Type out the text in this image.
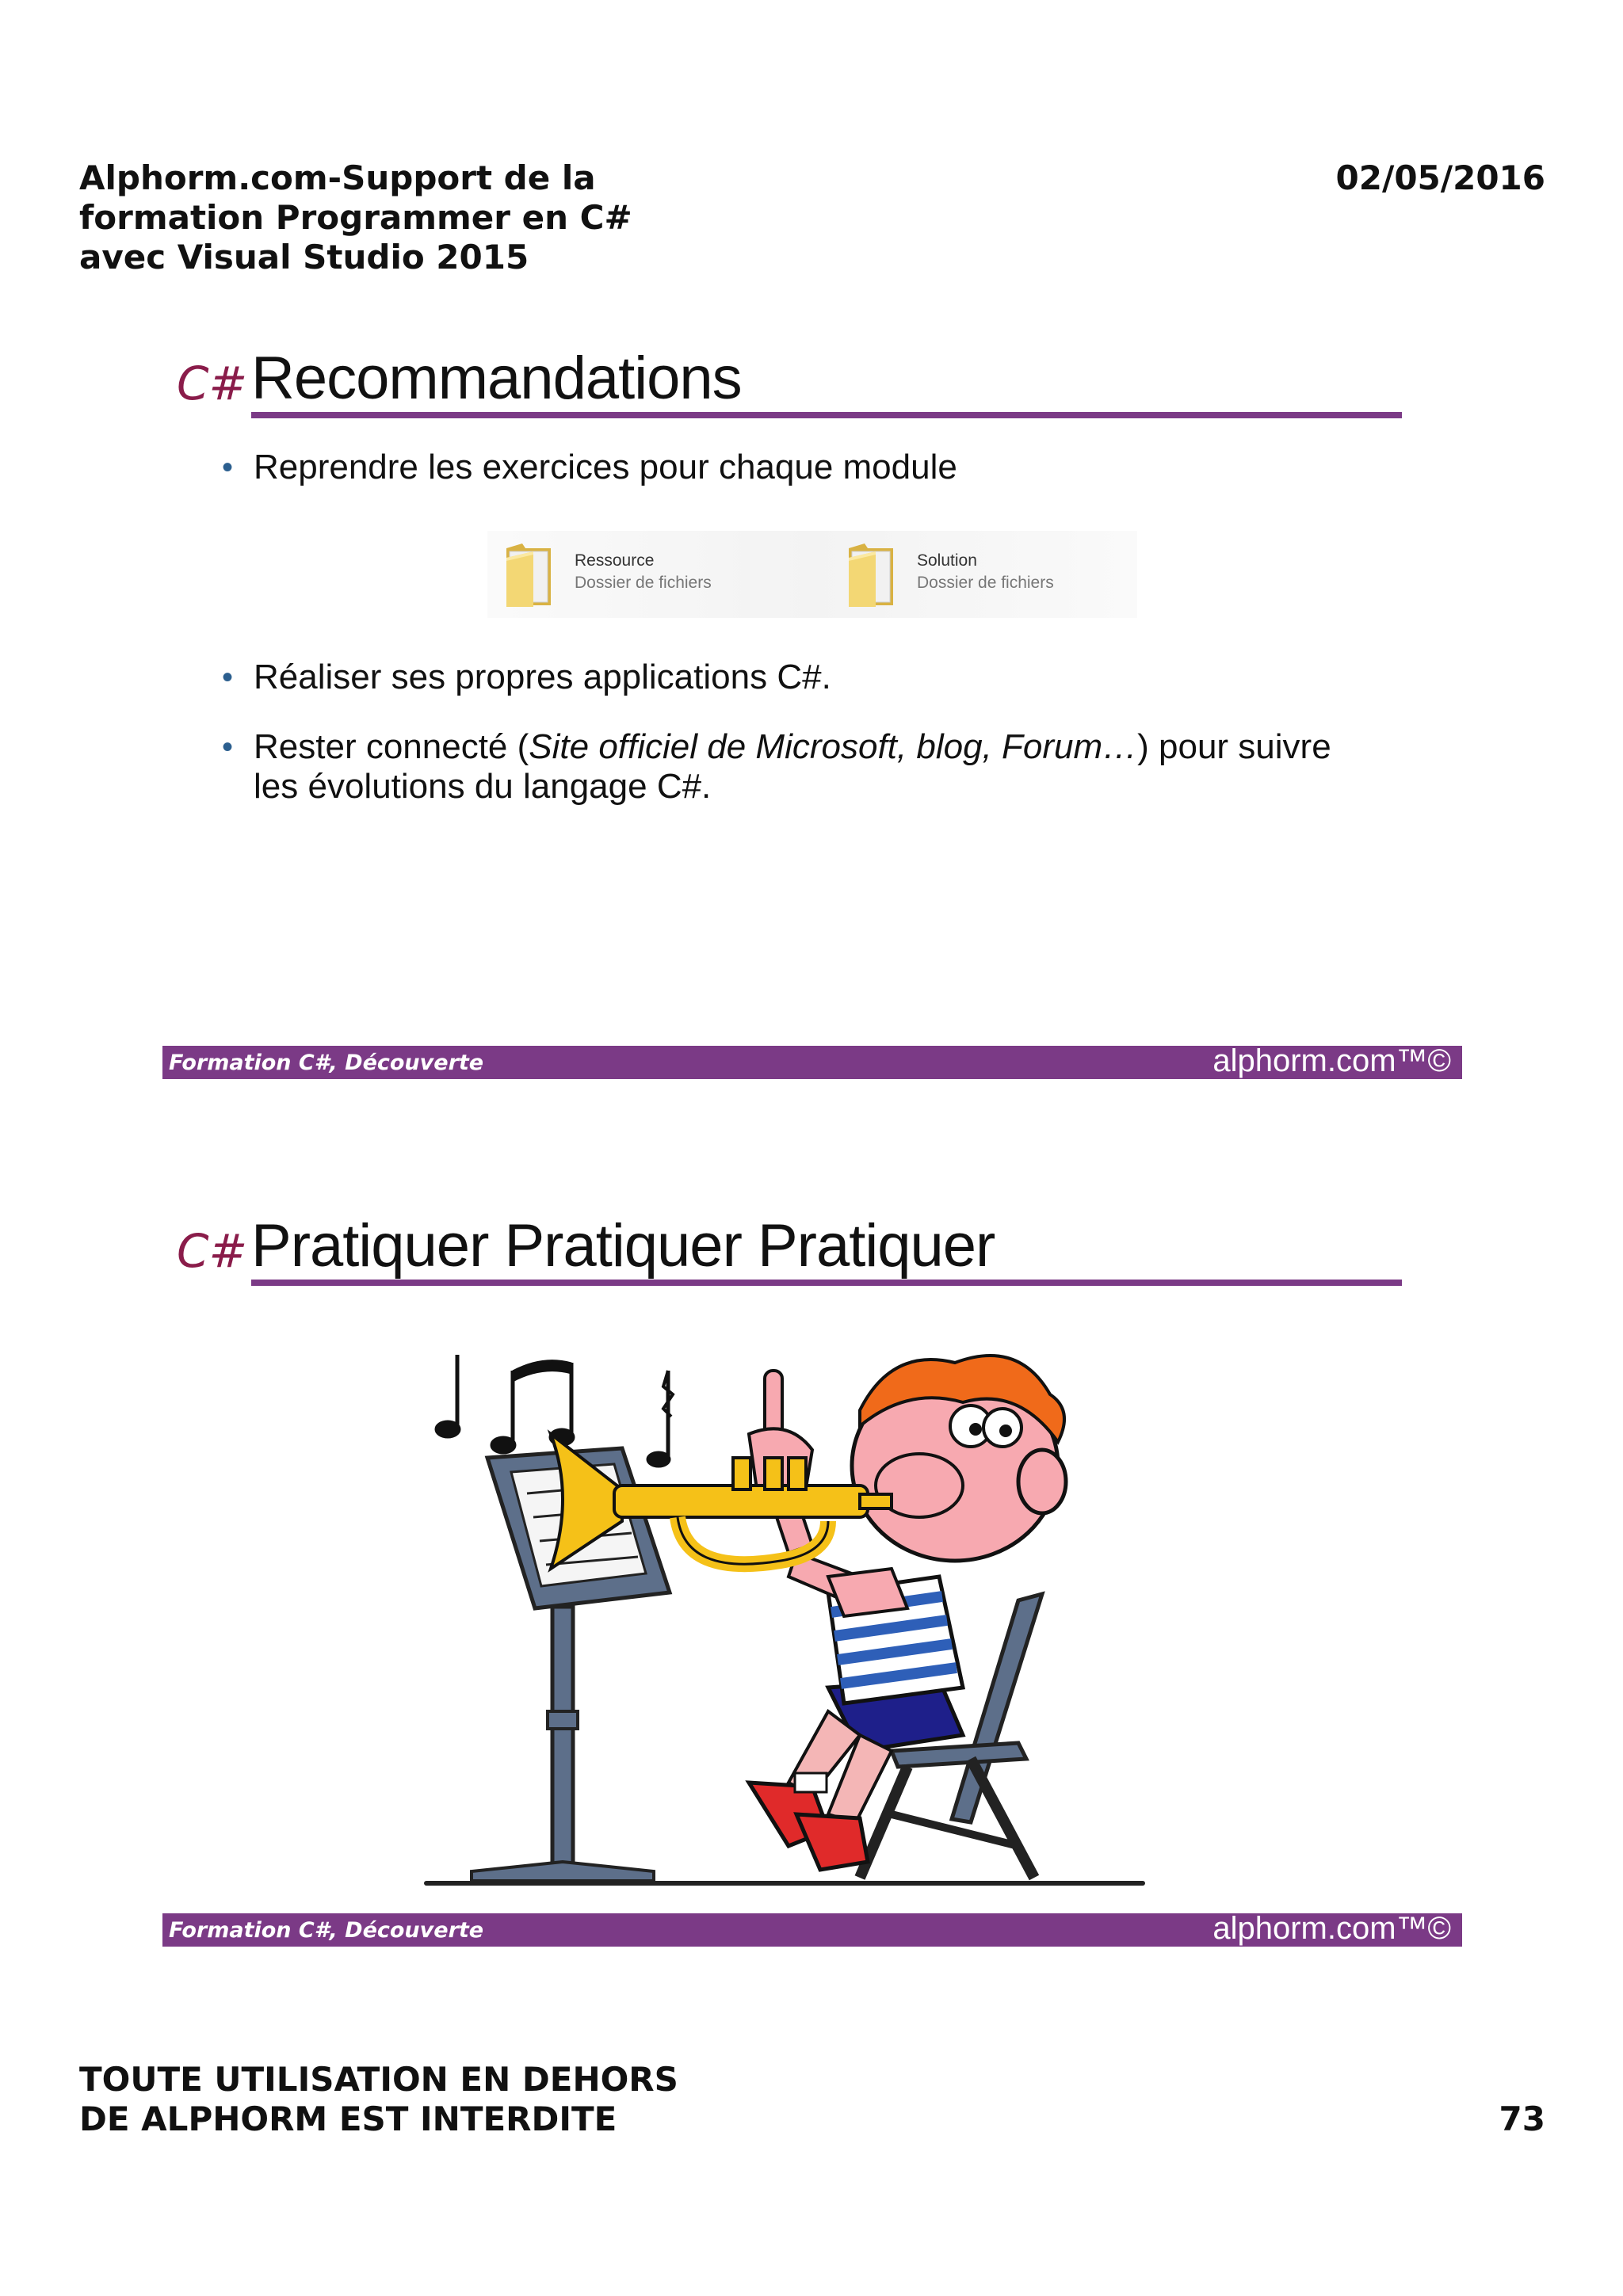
Alphorm.com-Support de la
formation Programmer en C#
avec Visual Studio 2015
02/05/2016
C# Recommandations
• Reprendre les exercices pour chaque module
Ressource
Dossier de fichiers
Solution
Dossier de fichiers
• Réaliser ses propres applications C#.
• Rester connecté (Site officiel de Microsoft, blog, Forum…) pour suivre
les évolutions du langage C#.
Formation C#, Découverte	alphorm.com™©
C# Pratiquer Pratiquer Pratiquer
Formation C#, Découverte	alphorm.com™©
TOUTE UTILISATION EN DEHORS
DE ALPHORM EST INTERDITE	73
